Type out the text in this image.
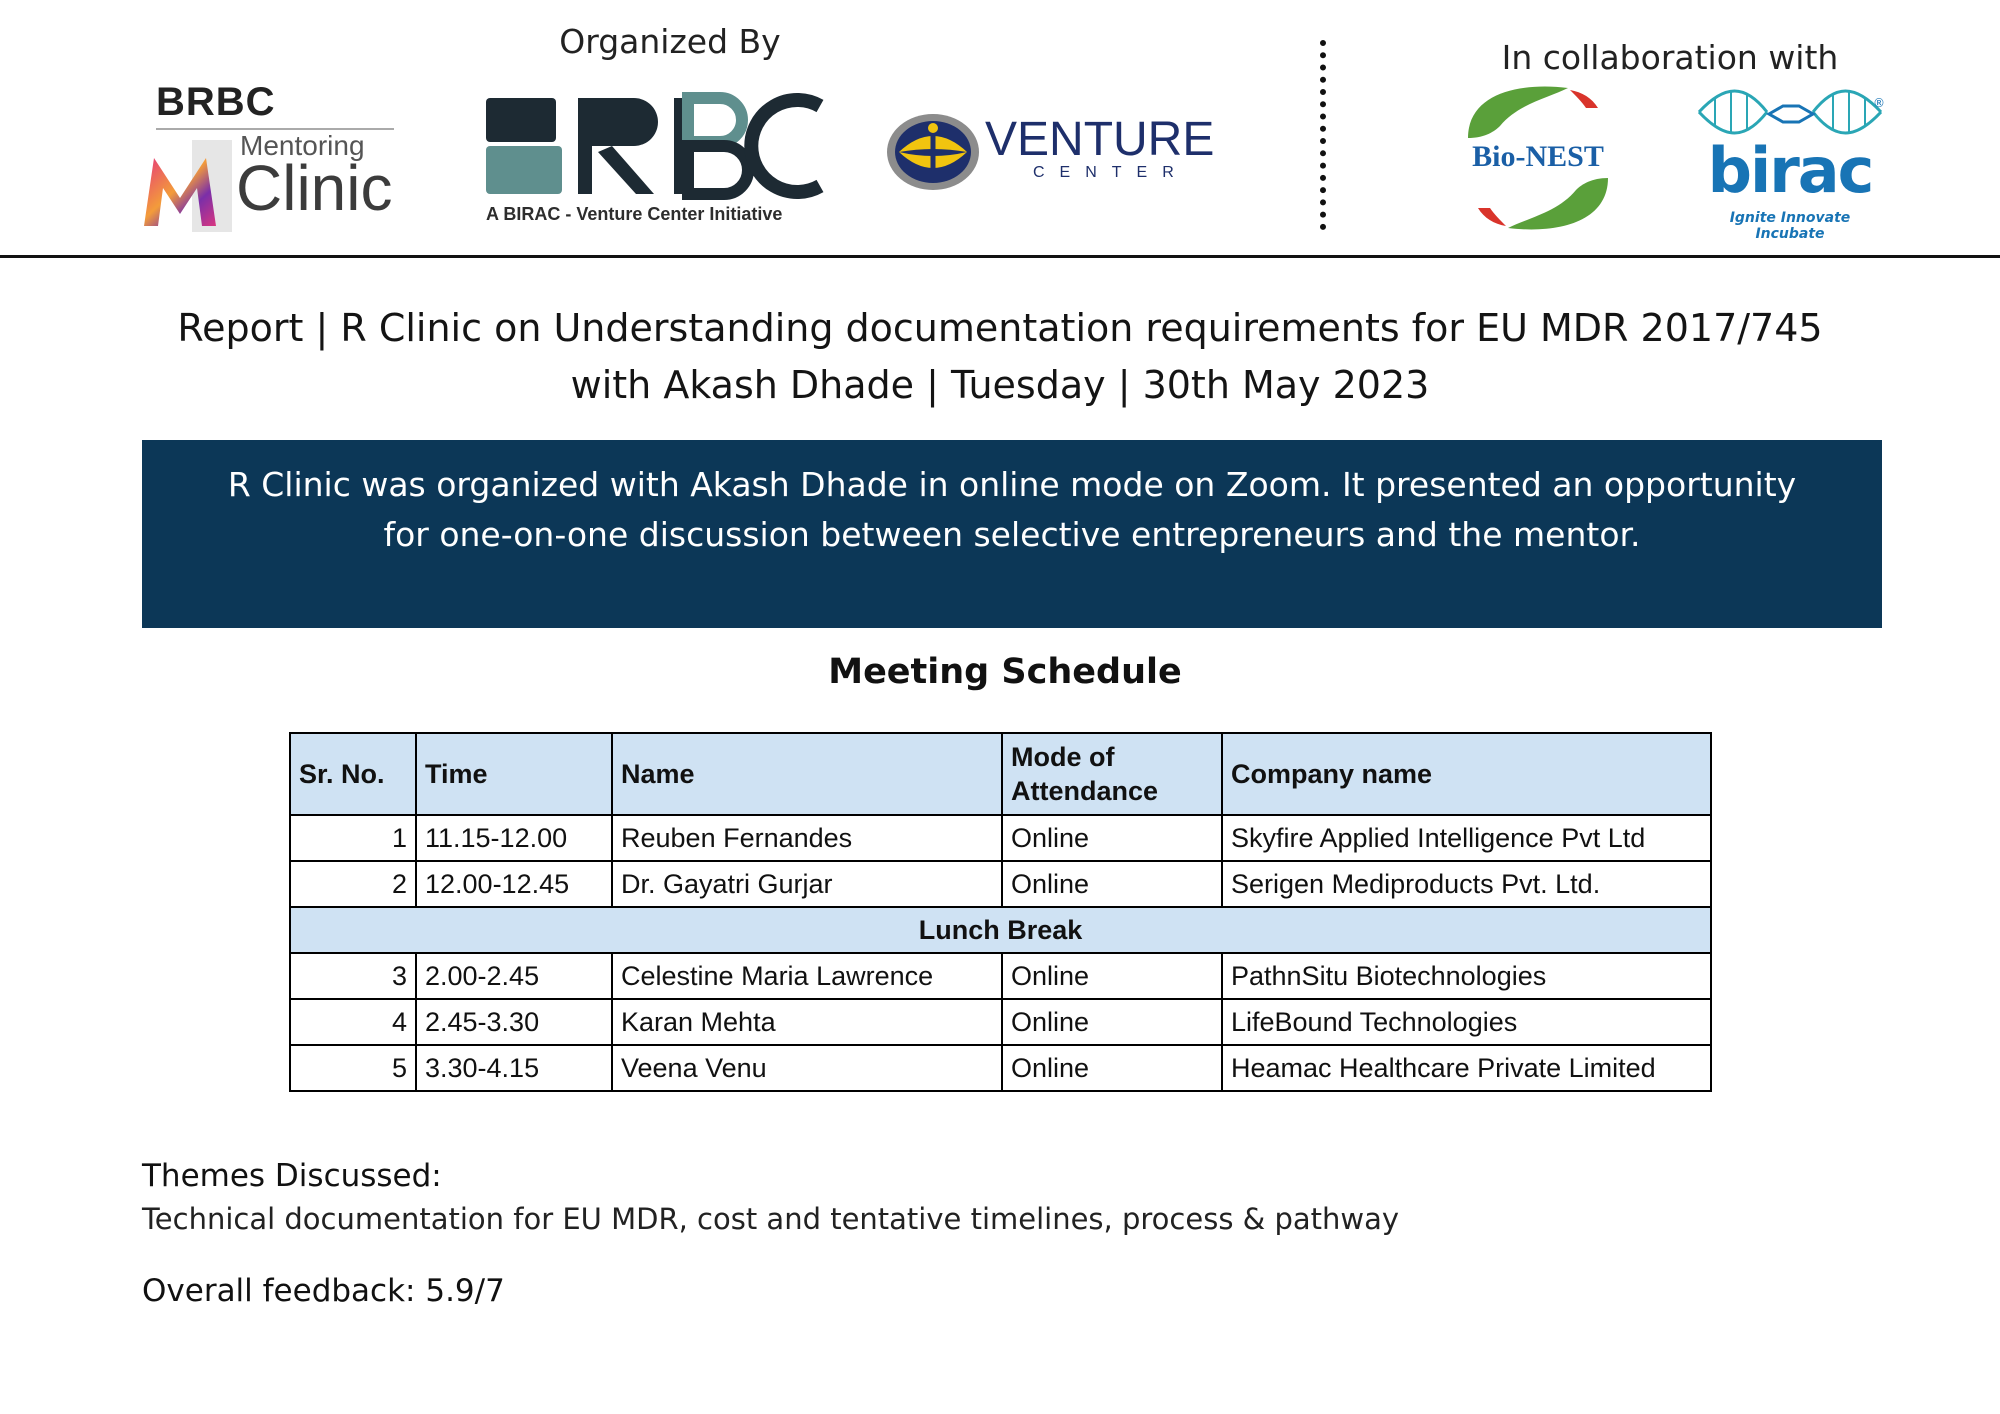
BRBC
Mentoring
Clinic
Organized By
A BIRAC - Venture Center Initiative
VENTURE
CENTER
In collaboration with
Bio-NEST
®
birac
Ignite Innovate Incubate
Report | R Clinic on Understanding documentation requirements for EU MDR 2017/745
with Akash Dhade | Tuesday | 30th May 2023
R Clinic was organized with Akash Dhade in online mode on Zoom. It presented an opportunity for one-on-one discussion between selective entrepreneurs and the mentor.
Meeting Schedule
Sr. No.	Time	Name	Mode of Attendance	Company name
1	11.15-12.00	Reuben Fernandes	Online	Skyfire Applied Intelligence Pvt Ltd
2	12.00-12.45	Dr. Gayatri Gurjar	Online	Serigen Mediproducts Pvt. Ltd.
Lunch Break				
3	2.00-2.45	Celestine Maria Lawrence	Online	PathnSitu Biotechnologies
4	2.45-3.30	Karan Mehta	Online	LifeBound Technologies
5	3.30-4.15	Veena Venu	Online	Heamac Healthcare Private Limited
Themes Discussed:
Technical documentation for EU MDR, cost and tentative timelines, process & pathway
Overall feedback: 5.9/7
